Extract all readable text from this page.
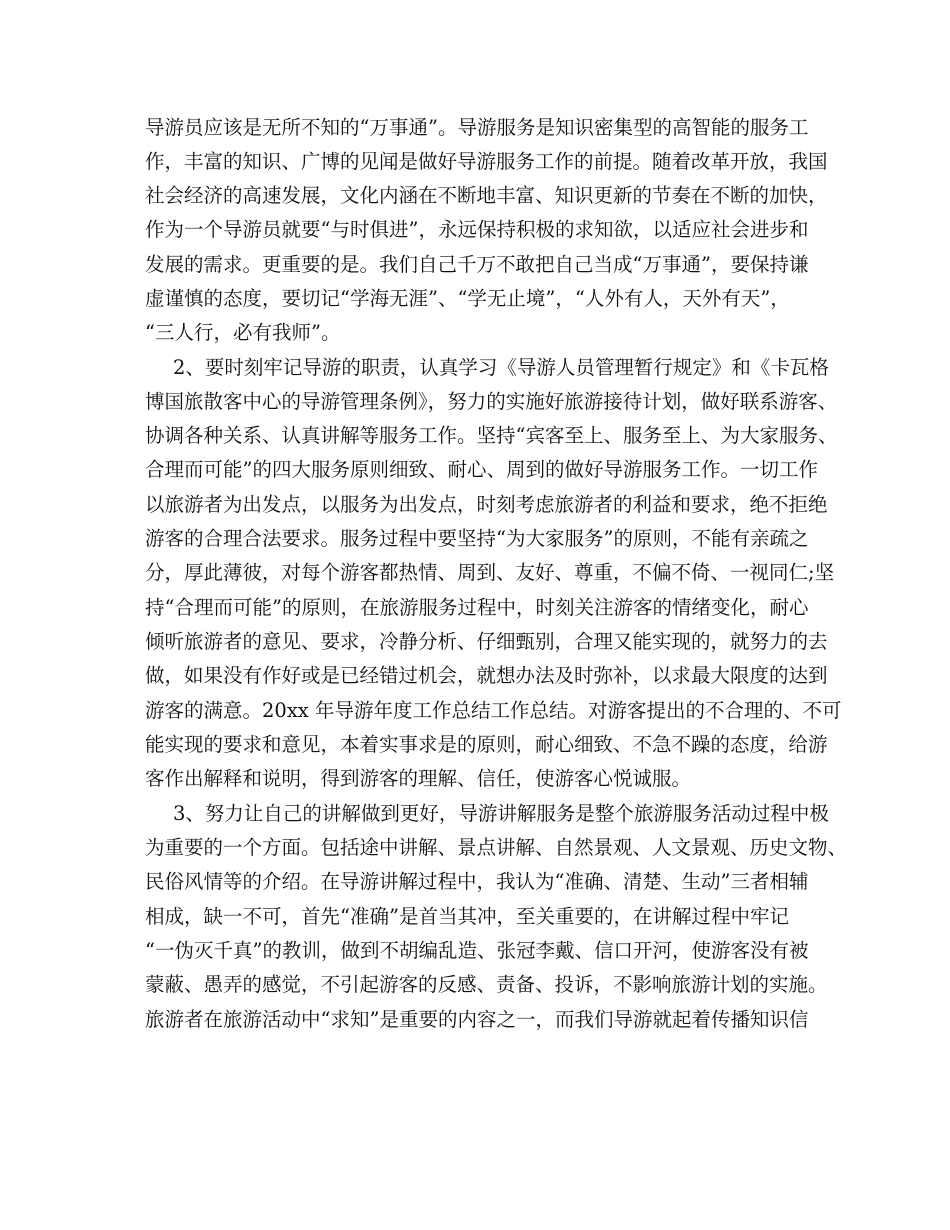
导游员应该是无所不知的“万事通”。导游服务是知识密集型的高智能的服务工
作，丰富的知识、广博的见闻是做好导游服务工作的前提。随着改革开放，我国
社会经济的高速发展，文化内涵在不断地丰富、知识更新的节奏在不断的加快，
作为一个导游员就要“与时俱进”，永远保持积极的求知欲，以适应社会进步和
发展的需求。更重要的是。我们自己千万不敢把自己当成“万事通”，要保持谦
虚谨慎的态度，要切记“学海无涯”、“学无止境”，“人外有人，天外有天”，
“三人行，必有我师”。
2、要时刻牢记导游的职责，认真学习《导游人员管理暂行规定》和《卡瓦格
博国旅散客中心的导游管理条例》，努力的实施好旅游接待计划，做好联系游客、
协调各种关系、认真讲解等服务工作。坚持“宾客至上、服务至上、为大家服务、
合理而可能”的四大服务原则细致、耐心、周到的做好导游服务工作。一切工作
以旅游者为出发点，以服务为出发点，时刻考虑旅游者的利益和要求，绝不拒绝
游客的合理合法要求。服务过程中要坚持“为大家服务”的原则，不能有亲疏之
分，厚此薄彼，对每个游客都热情、周到、友好、尊重，不偏不倚、一视同仁;坚
持“合理而可能”的原则，在旅游服务过程中，时刻关注游客的情绪变化，耐心
倾听旅游者的意见、要求，冷静分析、仔细甄别，合理又能实现的，就努力的去
做，如果没有作好或是已经错过机会，就想办法及时弥补，以求最大限度的达到
游客的满意。20xx 年导游年度工作总结工作总结。对游客提出的不合理的、不可
能实现的要求和意见，本着实事求是的原则，耐心细致、不急不躁的态度，给游
客作出解释和说明，得到游客的理解、信任，使游客心悦诚服。
3、努力让自己的讲解做到更好，导游讲解服务是整个旅游服务活动过程中极
为重要的一个方面。包括途中讲解、景点讲解、自然景观、人文景观、历史文物、
民俗风情等的介绍。在导游讲解过程中，我认为“准确、清楚、生动”三者相辅
相成，缺一不可，首先“准确”是首当其冲，至关重要的，在讲解过程中牢记
“一伪灭千真”的教训，做到不胡编乱造、张冠李戴、信口开河，使游客没有被
蒙蔽、愚弄的感觉，不引起游客的反感、责备、投诉，不影响旅游计划的实施。
旅游者在旅游活动中“求知”是重要的内容之一，而我们导游就起着传播知识信
